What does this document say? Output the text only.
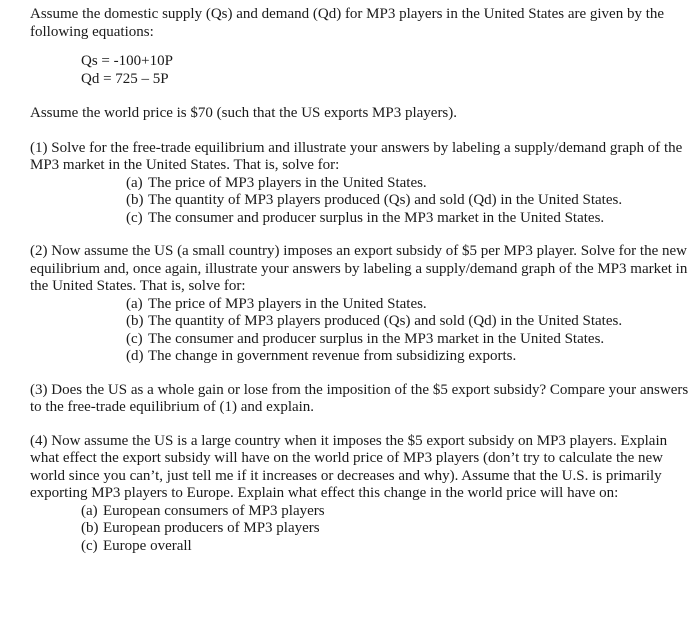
Assume the domestic supply (Qs) and demand (Qd) for MP3 players in the United States are given by the following equations:

Qs = -100+10P
Qd = 725 – 5P

Assume the world price is $70 (such that the US exports MP3 players).

(1) Solve for the free-trade equilibrium and illustrate your answers by labeling a supply/demand graph of the MP3 market in the United States. That is, solve for:

(a) The price of MP3 players in the United States.
(b) The quantity of MP3 players produced (Qs) and sold (Qd) in the United States.
(c) The consumer and producer surplus in the MP3 market in the United States.

(2) Now assume the US (a small country) imposes an export subsidy of $5 per MP3 player. Solve for the new equilibrium and, once again, illustrate your answers by labeling a supply/demand graph of the MP3 market in the United States. That is, solve for:

(a) The price of MP3 players in the United States.
(b) The quantity of MP3 players produced (Qs) and sold (Qd) in the United States.
(c) The consumer and producer surplus in the MP3 market in the United States.
(d) The change in government revenue from subsidizing exports.

(3) Does the US as a whole gain or lose from the imposition of the $5 export subsidy? Compare your answers to the free-trade equilibrium of (1) and explain.

(4) Now assume the US is a large country when it imposes the $5 export subsidy on MP3 players. Explain what effect the export subsidy will have on the world price of MP3 players (don’t try to calculate the new world since you can’t, just tell me if it increases or decreases and why). Assume that the U.S. is primarily exporting MP3 players to Europe. Explain what effect this change in the world price will have on:

(a) European consumers of MP3 players
(b) European producers of MP3 players
(c) Europe overall
